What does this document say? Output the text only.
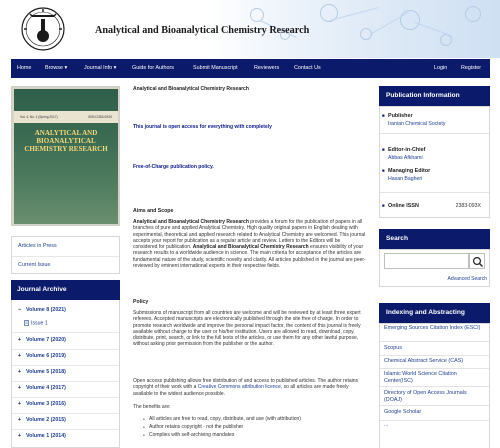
Analytical and Bioanalytical Chemistry Research
Home	Browse ▾	Journal Info ▾	Guide for Authors	Submit Manuscript	Reviewers	Contact Us	Login	Register
Vol. 4, No. 1 (Spring 2017)	ISSN 2383-093X
ANALYTICAL AND BIOANALYTICAL CHEMISTRY RESEARCH
Articles in Press
Current Issue
Journal Archive
− Volume 8 (2021)
Issue 1
+ Volume 7 (2020)
+ Volume 6 (2019)
+ Volume 5 (2018)
+ Volume 4 (2017)
+ Volume 3 (2016)
+ Volume 2 (2015)
+ Volume 1 (2014)
Analytical and Bioanalytical Chemistry Research
This journal is open access for everything with completely
Free-of-Charge publication policy.
Aims and Scope
Analytical and Bioanalytical Chemistry Research provides a forum for the publication of papers in all branches of pure and applied Analytical Chemistry. High quality original papers in English dealing with experimental, theoretical and applied research related to Analytical Chemistry are welcomed. This journal accepts your report for publication as a regular article and review. Letters to the Editors will be considered for publication. Analytical and Bioanalytical Chemistry Research ensures visibility of your research results to a worldwide audience in science. The main criteria for acceptance of the articles are fundamental nature of the study, scientific novelty and clarity. All articles published in the journal are peer-reviewed by eminent international experts in their respective fields.
Policy
Submissions of manuscript from all countries are welcome and will be reviewed by at least three expert referees. Accepted manuscripts are electronically published through the site free of charge. In order to promote research worldwide and improve the personal impact factor, the content of this journal is freely available without charge to the user or his/her institution. Users are allowed to read, download, copy, distribute, print, search, or link to the full texts of the articles, or use them for any other lawful purpose, without asking prior permission from the publisher or the author.
Open access publishing allows free distribution of and access to published articles. The author retains copyright of their work with a Creative Commons attribution licence, so all articles are made freely available to the widest audience possible.
The benefits are:
● All articles are free to read, copy, distribute, and use (with attribution)
● Author retains copyright - not the publisher
● Complies with self-archiving mandates
Publication Information
■ Publisher
Iranian Chemical Society
■ Editor-in-Chief
Abbas Afkhami
■ Managing Editor
Hasan Bagheri
■ Online ISSN	2383-093X
Search
Advanced Search
Indexing and Abstracting
Emerging Sources Citation Index (ESCI)
Scopus
Chemical Abstract Service (CAS)
Islamic World Science Citation Center(ISC)
Directory of Open Access Journals (DOAJ)
Google Scholar
...
